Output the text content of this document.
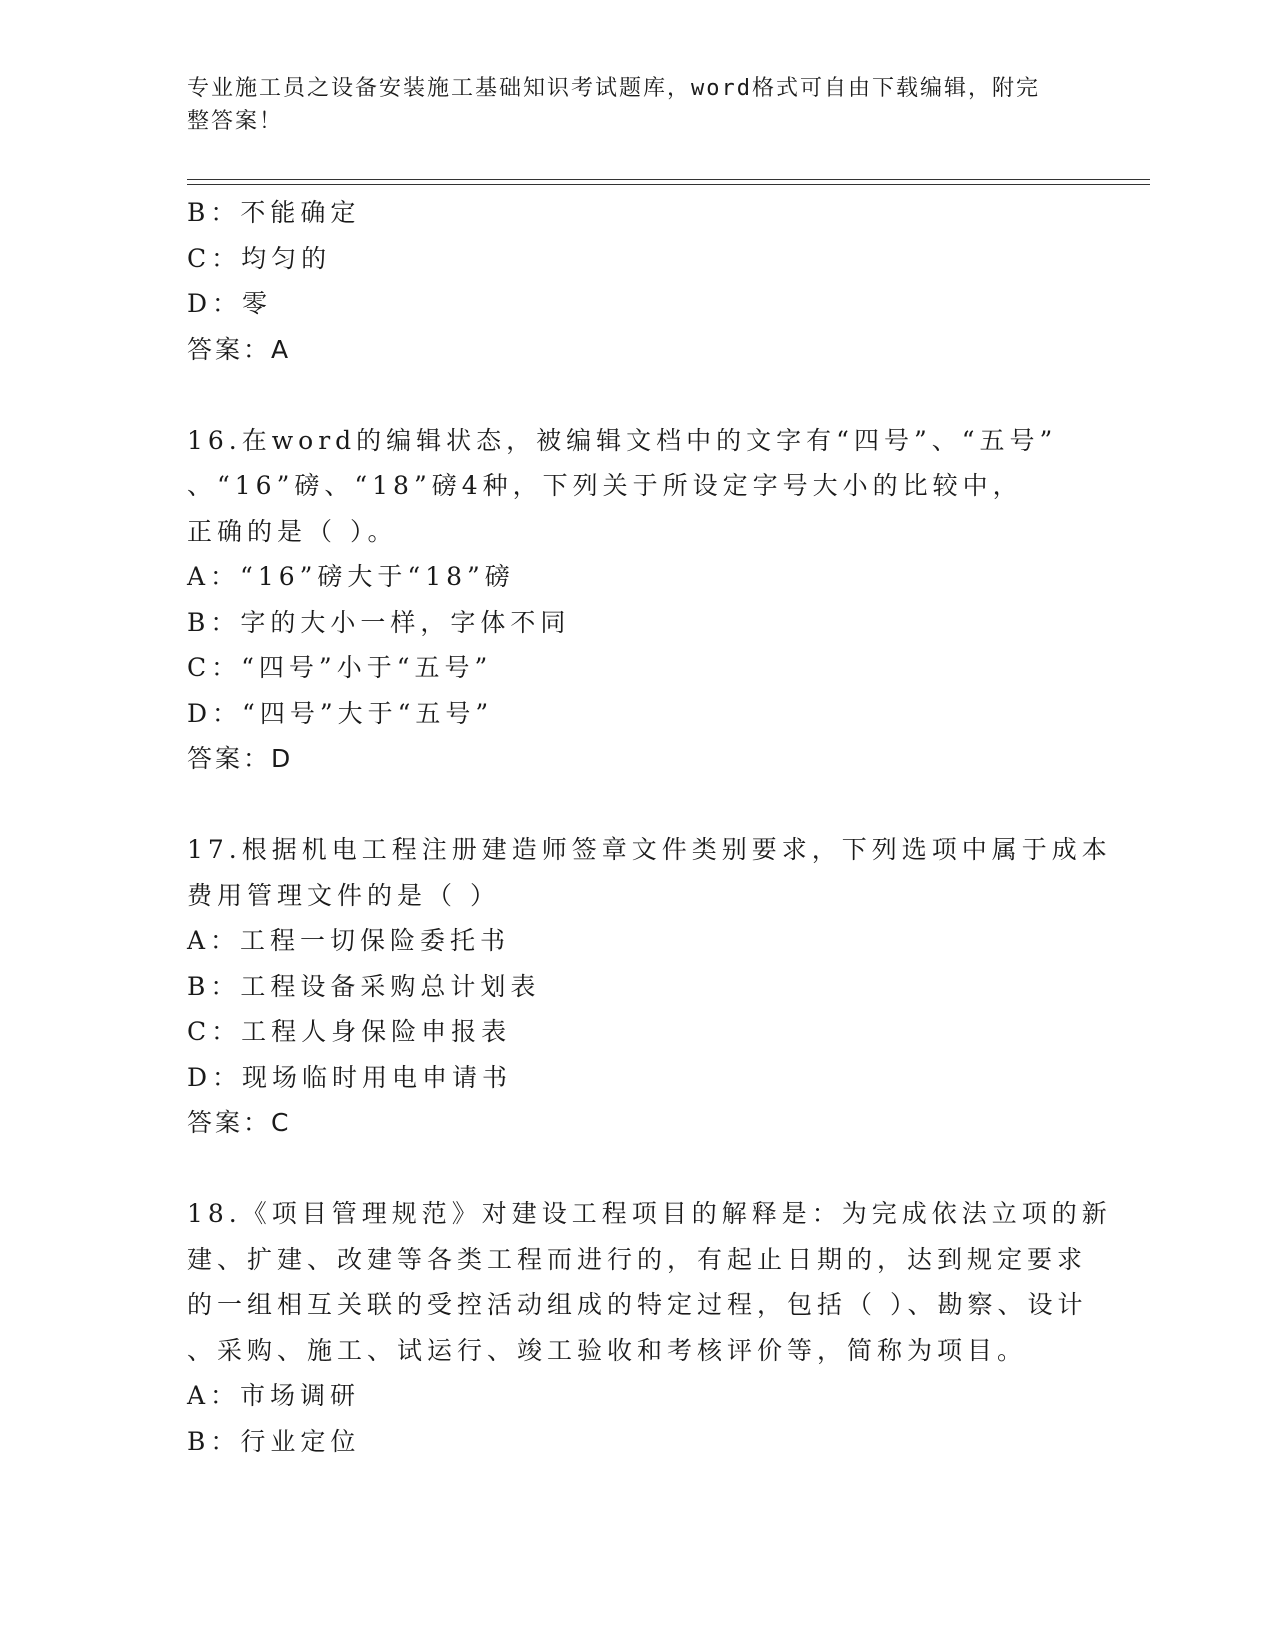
专业施工员之设备安装施工基础知识考试题库，word格式可自由下载编辑，附完
整答案！
B：不能确定
C：均匀的
D：零
答案：A
16.在word的编辑状态，被编辑文档中的文字有“四号”、“五号”
、“16”磅、“18”磅4种，下列关于所设定字号大小的比较中，
正确的是（ ）。
A：“16”磅大于“18”磅
B：字的大小一样，字体不同
C：“四号”小于“五号”
D：“四号”大于“五号”
答案：D
17.根据机电工程注册建造师签章文件类别要求，下列选项中属于成本
费用管理文件的是（ ）
A：工程一切保险委托书
B：工程设备采购总计划表
C：工程人身保险申报表
D：现场临时用电申请书
答案：C
18.《项目管理规范》对建设工程项目的解释是：为完成依法立项的新
建、扩建、改建等各类工程而进行的，有起止日期的，达到规定要求
的一组相互关联的受控活动组成的特定过程，包括（ ）、勘察、设计
、采购、施工、试运行、竣工验收和考核评价等，简称为项目。
A：市场调研
B：行业定位
